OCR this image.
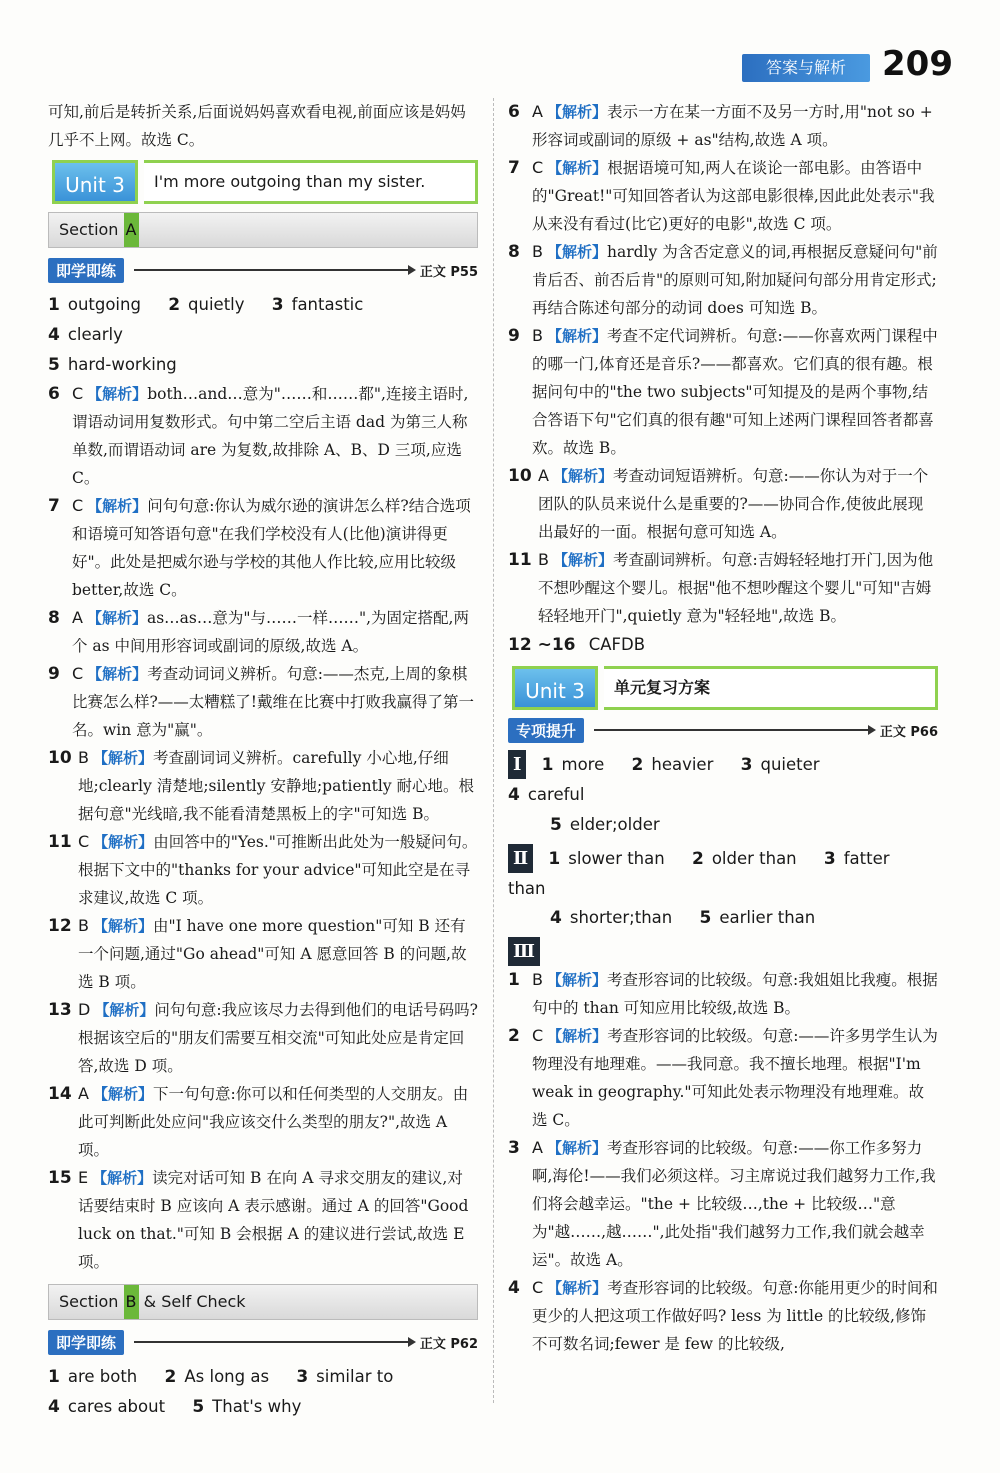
答案与解析	209

可知,前后是转折关系,后面说妈妈喜欢看电视,前面应该是妈妈几乎不上网。故选 C。

Unit 3	I'm more outgoing than my sister.
Section A
即学即练	正文 P55

1 outgoing 2 quietly 3 fantastic 4 clearly

5 hard-working

6 C 【解析】both…and…意为"……和……都",连接主语时,谓语动词用复数形式。句中第二空后主语 dad 为第三人称单数,而谓语动词 are 为复数,故排除 A、B、D 三项,应选 C。

7 C 【解析】问句句意:你认为威尔逊的演讲怎么样?结合选项和语境可知答语句意"在我们学校没有人(比他)演讲得更好"。此处是把威尔逊与学校的其他人作比较,应用比较级 better,故选 C。

8 A 【解析】as…as…意为"与……一样……",为固定搭配,两个 as 中间用形容词或副词的原级,故选 A。

9 C 【解析】考查动词词义辨析。句意:——杰克,上周的象棋比赛怎么样?——太糟糕了!戴维在比赛中打败我赢得了第一名。win 意为"赢"。

10 B 【解析】考查副词词义辨析。carefully 小心地,仔细地;clearly 清楚地;silently 安静地;patiently 耐心地。根据句意"光线暗,我不能看清楚黑板上的字"可知选 B。

11 C 【解析】由回答中的"Yes."可推断出此处为一般疑问句。根据下文中的"thanks for your advice"可知此空是在寻求建议,故选 C 项。

12 B 【解析】由"I have one more question"可知 B 还有一个问题,通过"Go ahead"可知 A 愿意回答 B 的问题,故选 B 项。

13 D 【解析】问句句意:我应该尽力去得到他们的电话号码吗?根据该空后的"朋友们需要互相交流"可知此处应是肯定回答,故选 D 项。

14 A 【解析】下一句句意:你可以和任何类型的人交朋友。由此可判断此处应问"我应该交什么类型的朋友?",故选 A 项。

15 E 【解析】读完对话可知 B 在向 A 寻求交朋友的建议,对话要结束时 B 应该向 A 表示感谢。通过 A 的回答"Good luck on that."可知 B 会根据 A 的建议进行尝试,故选 E 项。

Section B & Self Check
即学即练	正文 P62

1 are both 2 As long as 3 similar to

4 cares about 5 That's why

6 A 【解析】表示一方在某一方面不及另一方时,用"not so + 形容词或副词的原级 + as"结构,故选 A 项。

7 C 【解析】根据语境可知,两人在谈论一部电影。由答语中的"Great!"可知回答者认为这部电影很棒,因此此处表示"我从来没有看过(比它)更好的电影",故选 C 项。

8 B 【解析】hardly 为含否定意义的词,再根据反意疑问句"前肯后否、前否后肯"的原则可知,附加疑问句部分用肯定形式;再结合陈述句部分的动词 does 可知选 B。

9 B 【解析】考查不定代词辨析。句意:——你喜欢两门课程中的哪一门,体育还是音乐?——都喜欢。它们真的很有趣。根据问句中的"the two subjects"可知提及的是两个事物,结合答语下句"它们真的很有趣"可知上述两门课程回答者都喜欢。故选 B。

10 A 【解析】考查动词短语辨析。句意:——你认为对于一个团队的队员来说什么是重要的?——协同合作,使彼此展现出最好的一面。根据句意可知选 A。

11 B 【解析】考查副词辨析。句意:吉姆轻轻地打开门,因为他不想吵醒这个婴儿。根据"他不想吵醒这个婴儿"可知"吉姆轻轻地开门",quietly 意为"轻轻地",故选 B。

12 ~16 CAFDB

Unit 3	单元复习方案
专项提升	正文 P66

Ⅰ 1 more 2 heavier 3 quieter 4 careful

5 elder;older

Ⅱ 1 slower than 2 older than 3 fatter than

4 shorter;than 5 earlier than

Ⅲ

1 B 【解析】考查形容词的比较级。句意:我姐姐比我瘦。根据句中的 than 可知应用比较级,故选 B。

2 C 【解析】考查形容词的比较级。句意:——许多男学生认为物理没有地理难。——我同意。我不擅长地理。根据"I'm weak in geography."可知此处表示物理没有地理难。故选 C。

3 A 【解析】考查形容词的比较级。句意:——你工作多努力啊,海伦!——我们必须这样。习主席说过我们越努力工作,我们将会越幸运。"the + 比较级…,the + 比较级…"意为"越……,越……",此处指"我们越努力工作,我们就会越幸运"。故选 A。

4 C 【解析】考查形容词的比较级。句意:你能用更少的时间和更少的人把这项工作做好吗? less 为 little 的比较级,修饰不可数名词;fewer 是 few 的比较级,
